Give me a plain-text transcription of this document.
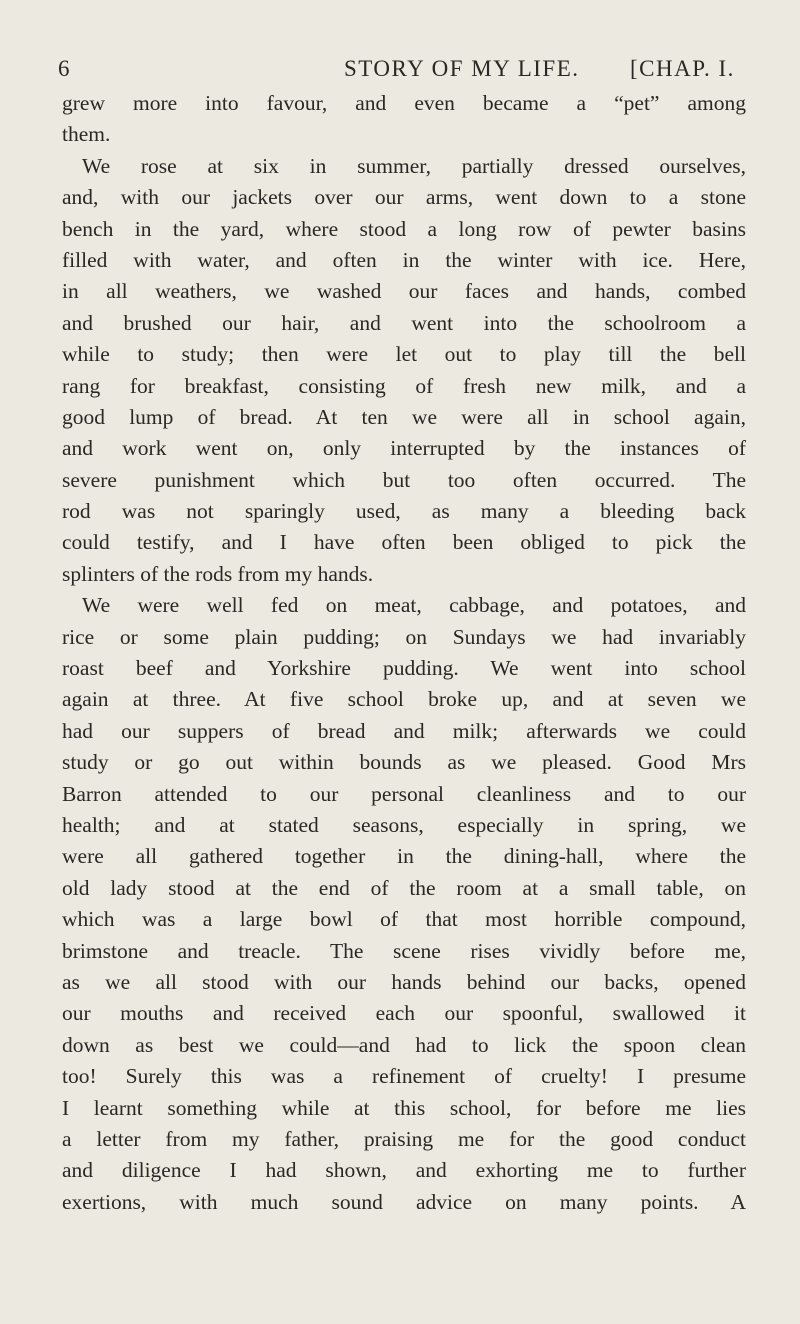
6	STORY OF MY LIFE. [CHAP. I.
grew more into favour, and even became a “pet” among
them.
We rose at six in summer, partially dressed ourselves,
and, with our jackets over our arms, went down to a stone
bench in the yard, where stood a long row of pewter basins
filled with water, and often in the winter with ice. Here,
in all weathers, we washed our faces and hands, combed
and brushed our hair, and went into the schoolroom a
while to study; then were let out to play till the bell
rang for breakfast, consisting of fresh new milk, and a
good lump of bread. At ten we were all in school again,
and work went on, only interrupted by the instances of
severe punishment which but too often occurred. The
rod was not sparingly used, as many a bleeding back
could testify, and I have often been obliged to pick the
splinters of the rods from my hands.
We were well fed on meat, cabbage, and potatoes, and
rice or some plain pudding; on Sundays we had invariably
roast beef and Yorkshire pudding. We went into school
again at three. At five school broke up, and at seven we
had our suppers of bread and milk; afterwards we could
study or go out within bounds as we pleased. Good Mrs
Barron attended to our personal cleanliness and to our
health; and at stated seasons, especially in spring, we
were all gathered together in the dining-hall, where the
old lady stood at the end of the room at a small table, on
which was a large bowl of that most horrible compound,
brimstone and treacle. The scene rises vividly before me,
as we all stood with our hands behind our backs, opened
our mouths and received each our spoonful, swallowed it
down as best we could—and had to lick the spoon clean
too! Surely this was a refinement of cruelty! I presume
I learnt something while at this school, for before me lies
a letter from my father, praising me for the good conduct
and diligence I had shown, and exhorting me to further
exertions, with much sound advice on many points. A
